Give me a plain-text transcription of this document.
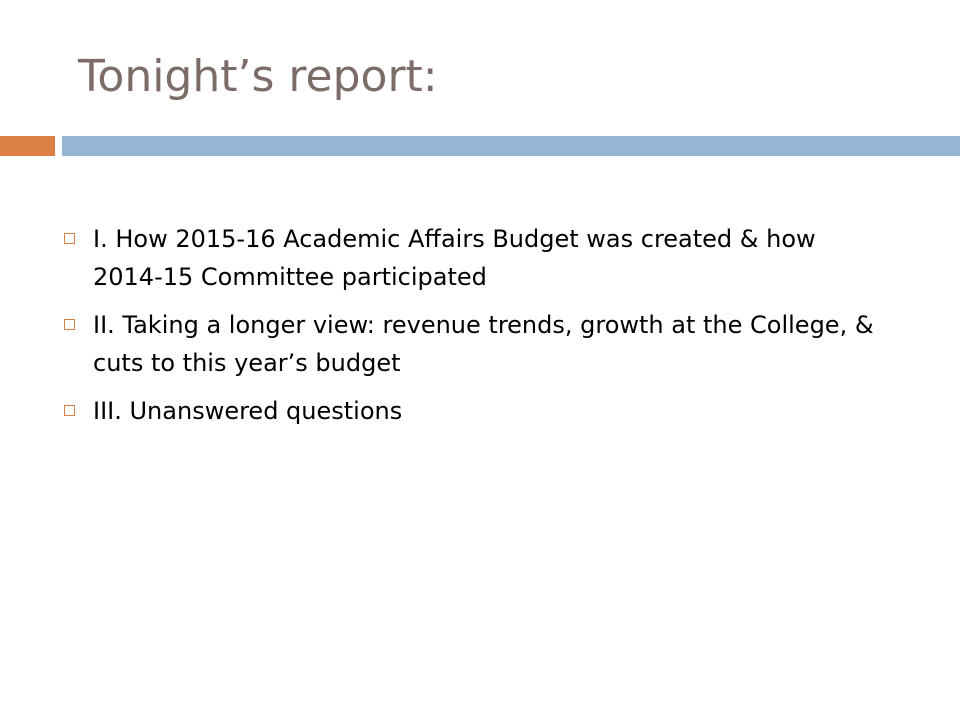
Tonight’s report:
I. How 2015-16 Academic Affairs Budget was created & how 2014-15 Committee participated
II. Taking a longer view: revenue trends, growth at the College, & cuts to this year’s budget
III. Unanswered questions
